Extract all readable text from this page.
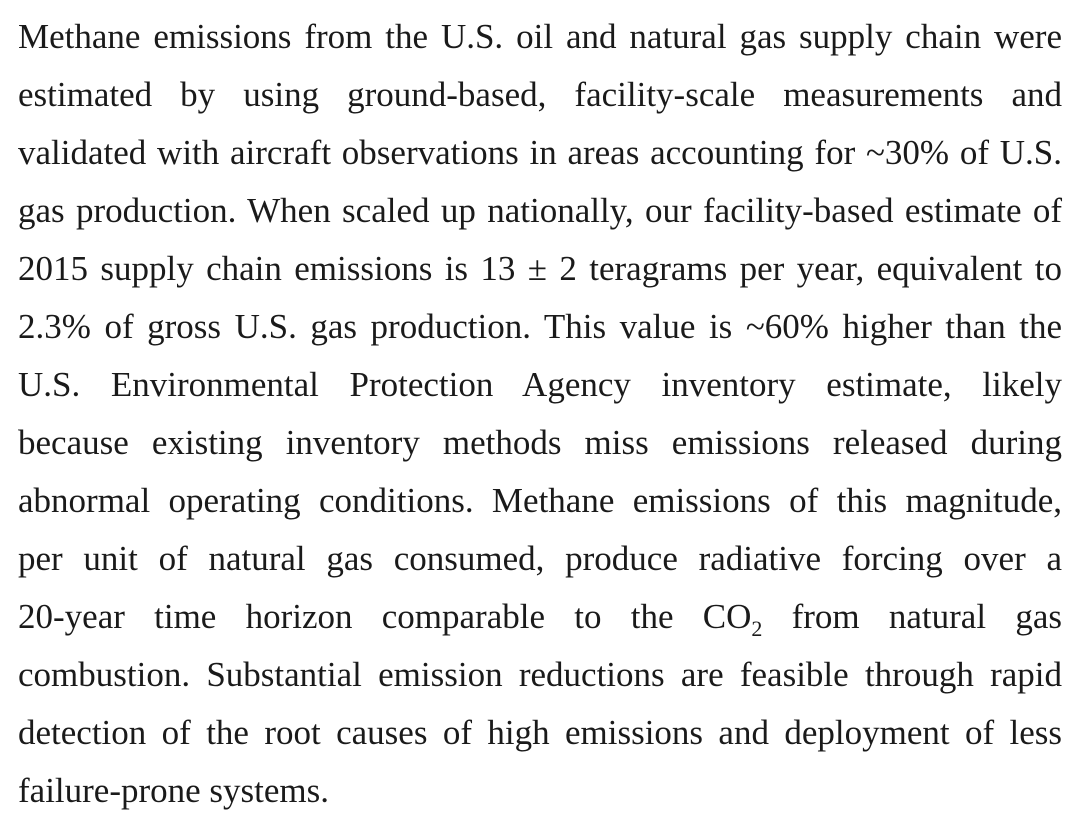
Methane emissions from the U.S. oil and natural gas supply chain were
estimated by using ground-based, facility-scale measurements and
validated with aircraft observations in areas accounting for ~30% of U.S.
gas production. When scaled up nationally, our facility-based estimate of
2015 supply chain emissions is 13 ± 2 teragrams per year, equivalent to
2.3% of gross U.S. gas production. This value is ~60% higher than the
U.S. Environmental Protection Agency inventory estimate, likely
because existing inventory methods miss emissions released during
abnormal operating conditions. Methane emissions of this magnitude,
per unit of natural gas consumed, produce radiative forcing over a
20-year time horizon comparable to the $CO_2$ from natural gas
combustion. Substantial emission reductions are feasible through rapid
detection of the root causes of high emissions and deployment of less
failure-prone systems.
